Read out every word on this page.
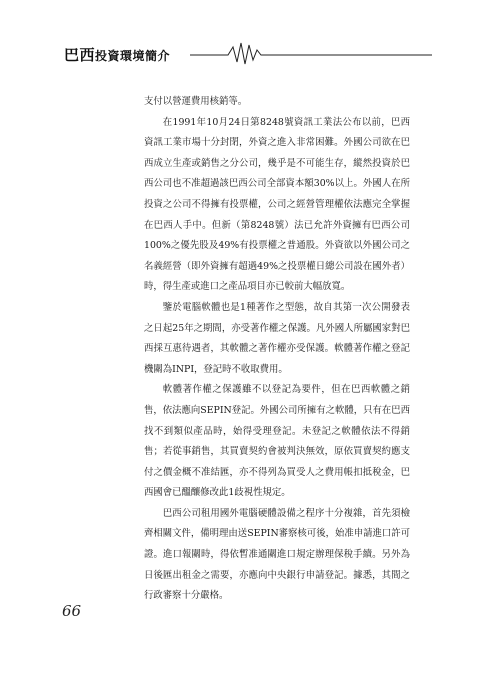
巴西投資環境簡介

支付以營運費用核銷等。

在1991年10月24日第8248號資訊工業法公布以前，巴西資訊工業市場十分封閉，外資之進入非常困難。外國公司欲在巴西成立生產或銷售之分公司，幾乎是不可能生存，縱然投資於巴西公司也不准超過該巴西公司全部資本額30%以上。外國人在所投資之公司不得擁有投票權，公司之經營管理權依法應完全掌握在巴西人手中。但新（第8248號）法已允許外資擁有巴西公司100%之優先股及49%有投票權之普通股。外資欲以外國公司之名義經營（即外資擁有超過49%之投票權日總公司設在國外者）時，得生產或進口之產品項目亦已較前大幅放寬。

鑒於電腦軟體也是1種著作之型態，故自其第一次公開發表之日起25年之期間，亦受著作權之保護。凡外國人所屬國家對巴西採互惠待遇者，其軟體之著作權亦受保護。軟體著作權之登記機關為INPI，登記時不收取費用。

軟體著作權之保護雖不以登記為要件，但在巴西軟體之銷售，依法應向SEPIN登記。外國公司所擁有之軟體，只有在巴西找不到類似產品時，始得受理登記。未登記之軟體依法不得銷售；若從事銷售，其買賣契約會被判決無效，原依買賣契約應支付之價金概不准結匯，亦不得列為買受人之費用帳扣抵稅金，巴西國會已醞釀修改此1歧視性規定。

巴西公司租用國外電腦硬體設備之程序十分複雜，首先須檢齊相關文件，備明理由送SEPIN審察核可後，始准申請進口許可證。進口報關時，得依暫准通關進口規定辦理保稅手續。另外為日後匯出租金之需要，亦應向中央銀行申請登記。據悉，其間之行政審察十分嚴格。

66
